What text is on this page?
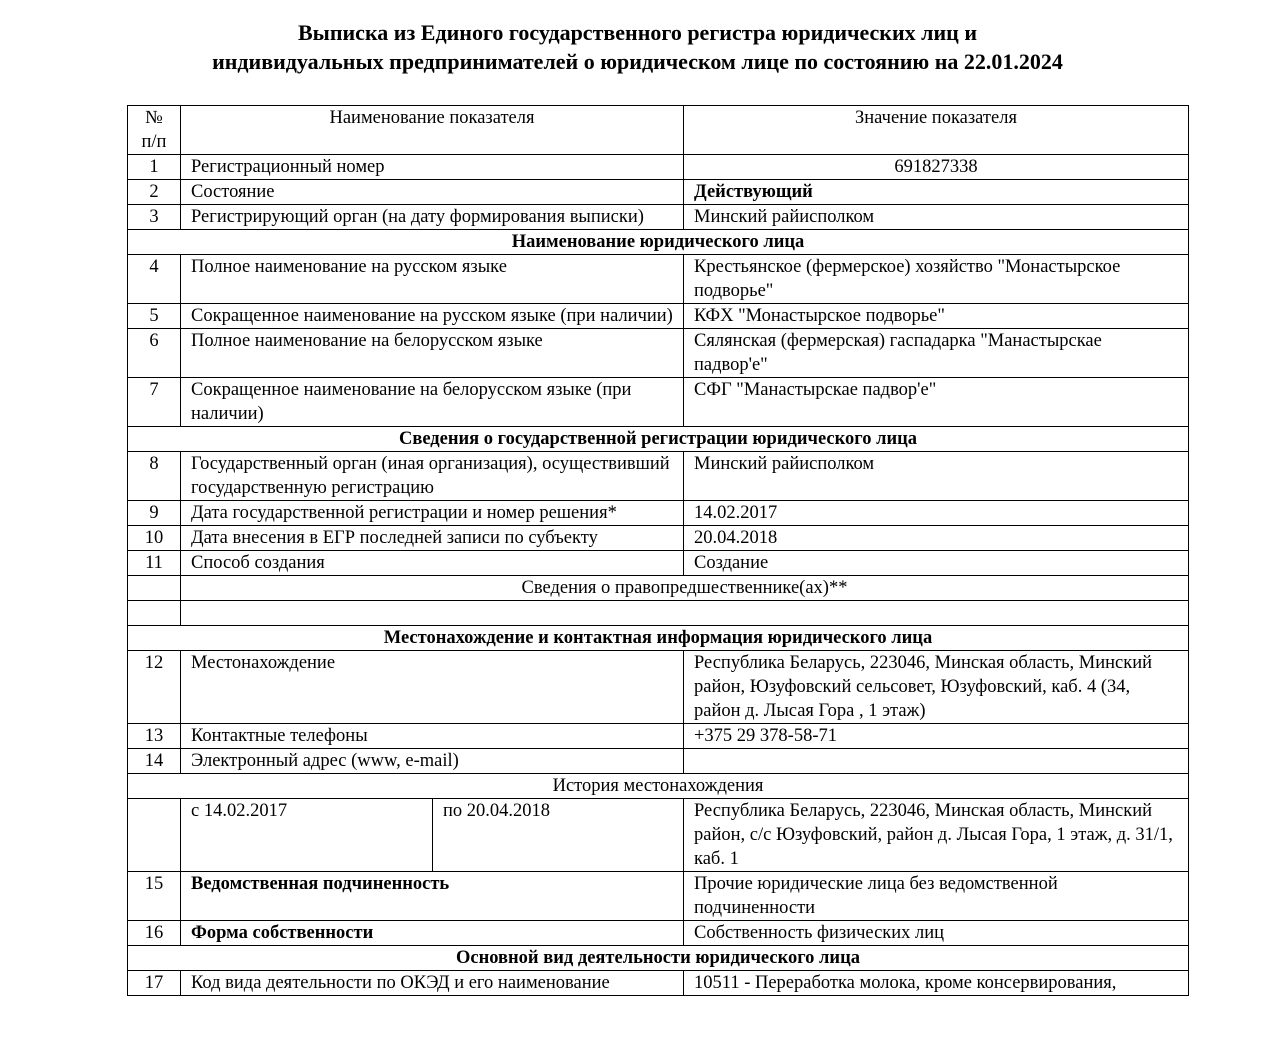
Выписка из Единого государственного регистра юридических лиц и
индивидуальных предпринимателей о юридическом лице по состоянию на 22.01.2024
№
п/п	Наименование показателя		Значение показателя
1	Регистрационный номер		691827338
2	Состояние		Действующий
3	Регистрирующий орган (на дату формирования выписки)		Минский райисполком
Наименование юридического лица			
4	Полное наименование на русском языке		Крестьянское (фермерское) хозяйство "Монастырское подворье"
5	Сокращенное наименование на русском языке (при наличии)		КФХ "Монастырское подворье"
6	Полное наименование на белорусском языке		Сялянская (фермерская) гаспадарка "Манастырскае падвор'е"
7	Сокращенное наименование на белорусском языке (при наличии)		СФГ "Манастырскае падвор'е"
Сведения о государственной регистрации юридического лица			
8	Государственный орган (иная организация), осуществивший государственную регистрацию		Минский райисполком
9	Дата государственной регистрации и номер решения*		14.02.2017
10	Дата внесения в ЕГР последней записи по субъекту		20.04.2018
11	Способ создания		Создание
	Сведения о правопредшественнике(ах)**		

Местонахождение и контактная информация юридического лица			
12	Местонахождение		Республика Беларусь, 223046, Минская область, Минский район, Юзуфовский сельсовет, Юзуфовский, каб. 4 (34, район д. Лысая Гора , 1 этаж)
13	Контактные телефоны		+375 29 378-58-71
14	Электронный адрес (www, e-mail)		
История местонахождения			
	с 14.02.2017	по 20.04.2018	Республика Беларусь, 223046, Минская область, Минский район, с/с Юзуфовский, район д. Лысая Гора, 1 этаж, д. 31/1, каб. 1
15	Ведомственная подчиненность		Прочие юридические лица без ведомственной подчиненности
16	Форма собственности		Собственность физических лиц
Основной вид деятельности юридического лица			
17	Код вида деятельности по ОКЭД и его наименование		10511 - Переработка молока, кроме консервирования,
